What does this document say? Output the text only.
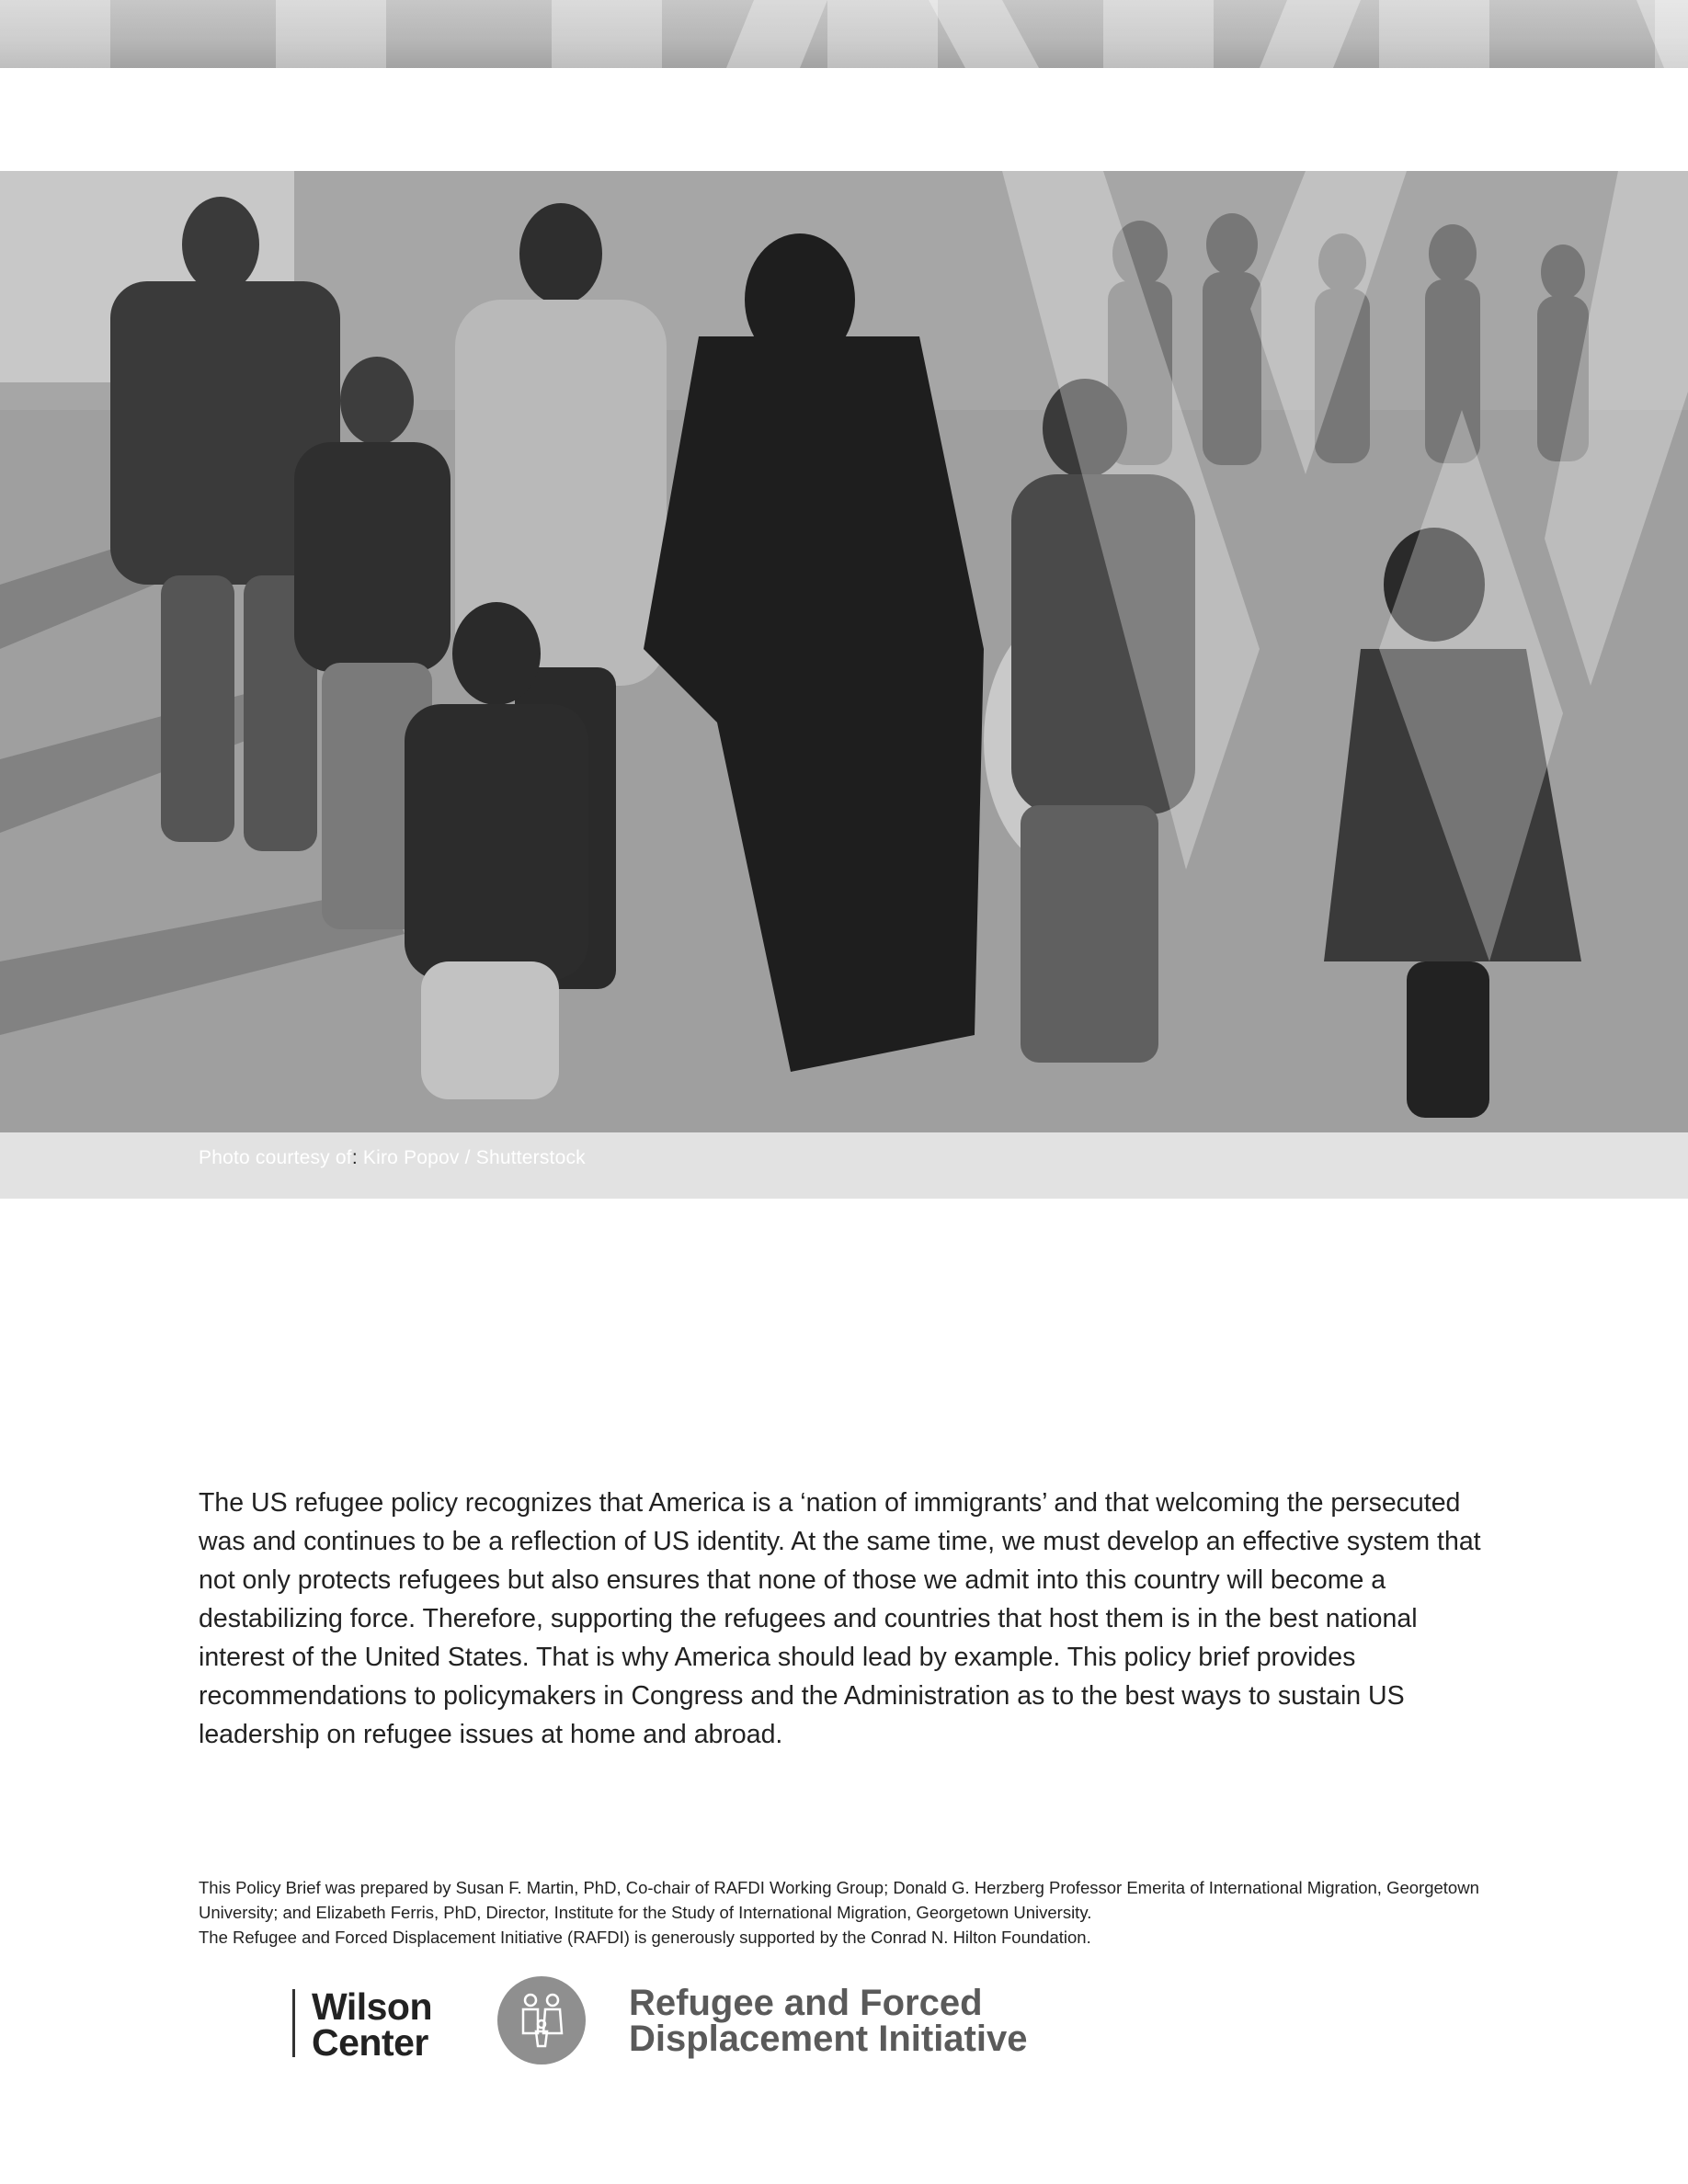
Photo courtesy of: Kiro Popov / Shutterstock

The US refugee policy recognizes that America is a ‘nation of immigrants’ and that welcoming the persecuted was and continues to be a reflection of US identity. At the same time, we must develop an effective system that not only protects refugees but also ensures that none of those we admit into this country will become a destabilizing force. Therefore, supporting the refugees and countries that host them is in the best national interest of the United States. That is why America should lead by example. This policy brief provides recommendations to policymakers in Congress and the Administration as to the best ways to sustain US leadership on refugee issues at home and abroad.

This Policy Brief was prepared by Susan F. Martin, PhD, Co-chair of RAFDI Working Group; Donald G. Herzberg Professor Emerita of International Migration, Georgetown University; and Elizabeth Ferris, PhD, Director, Institute for the Study of International Migration, Georgetown University.

The Refugee and Forced Displacement Initiative (RAFDI) is generously supported by the Conrad N. Hilton Foundation.

Wilson
Center
Refugee and Forced
Displacement Initiative
